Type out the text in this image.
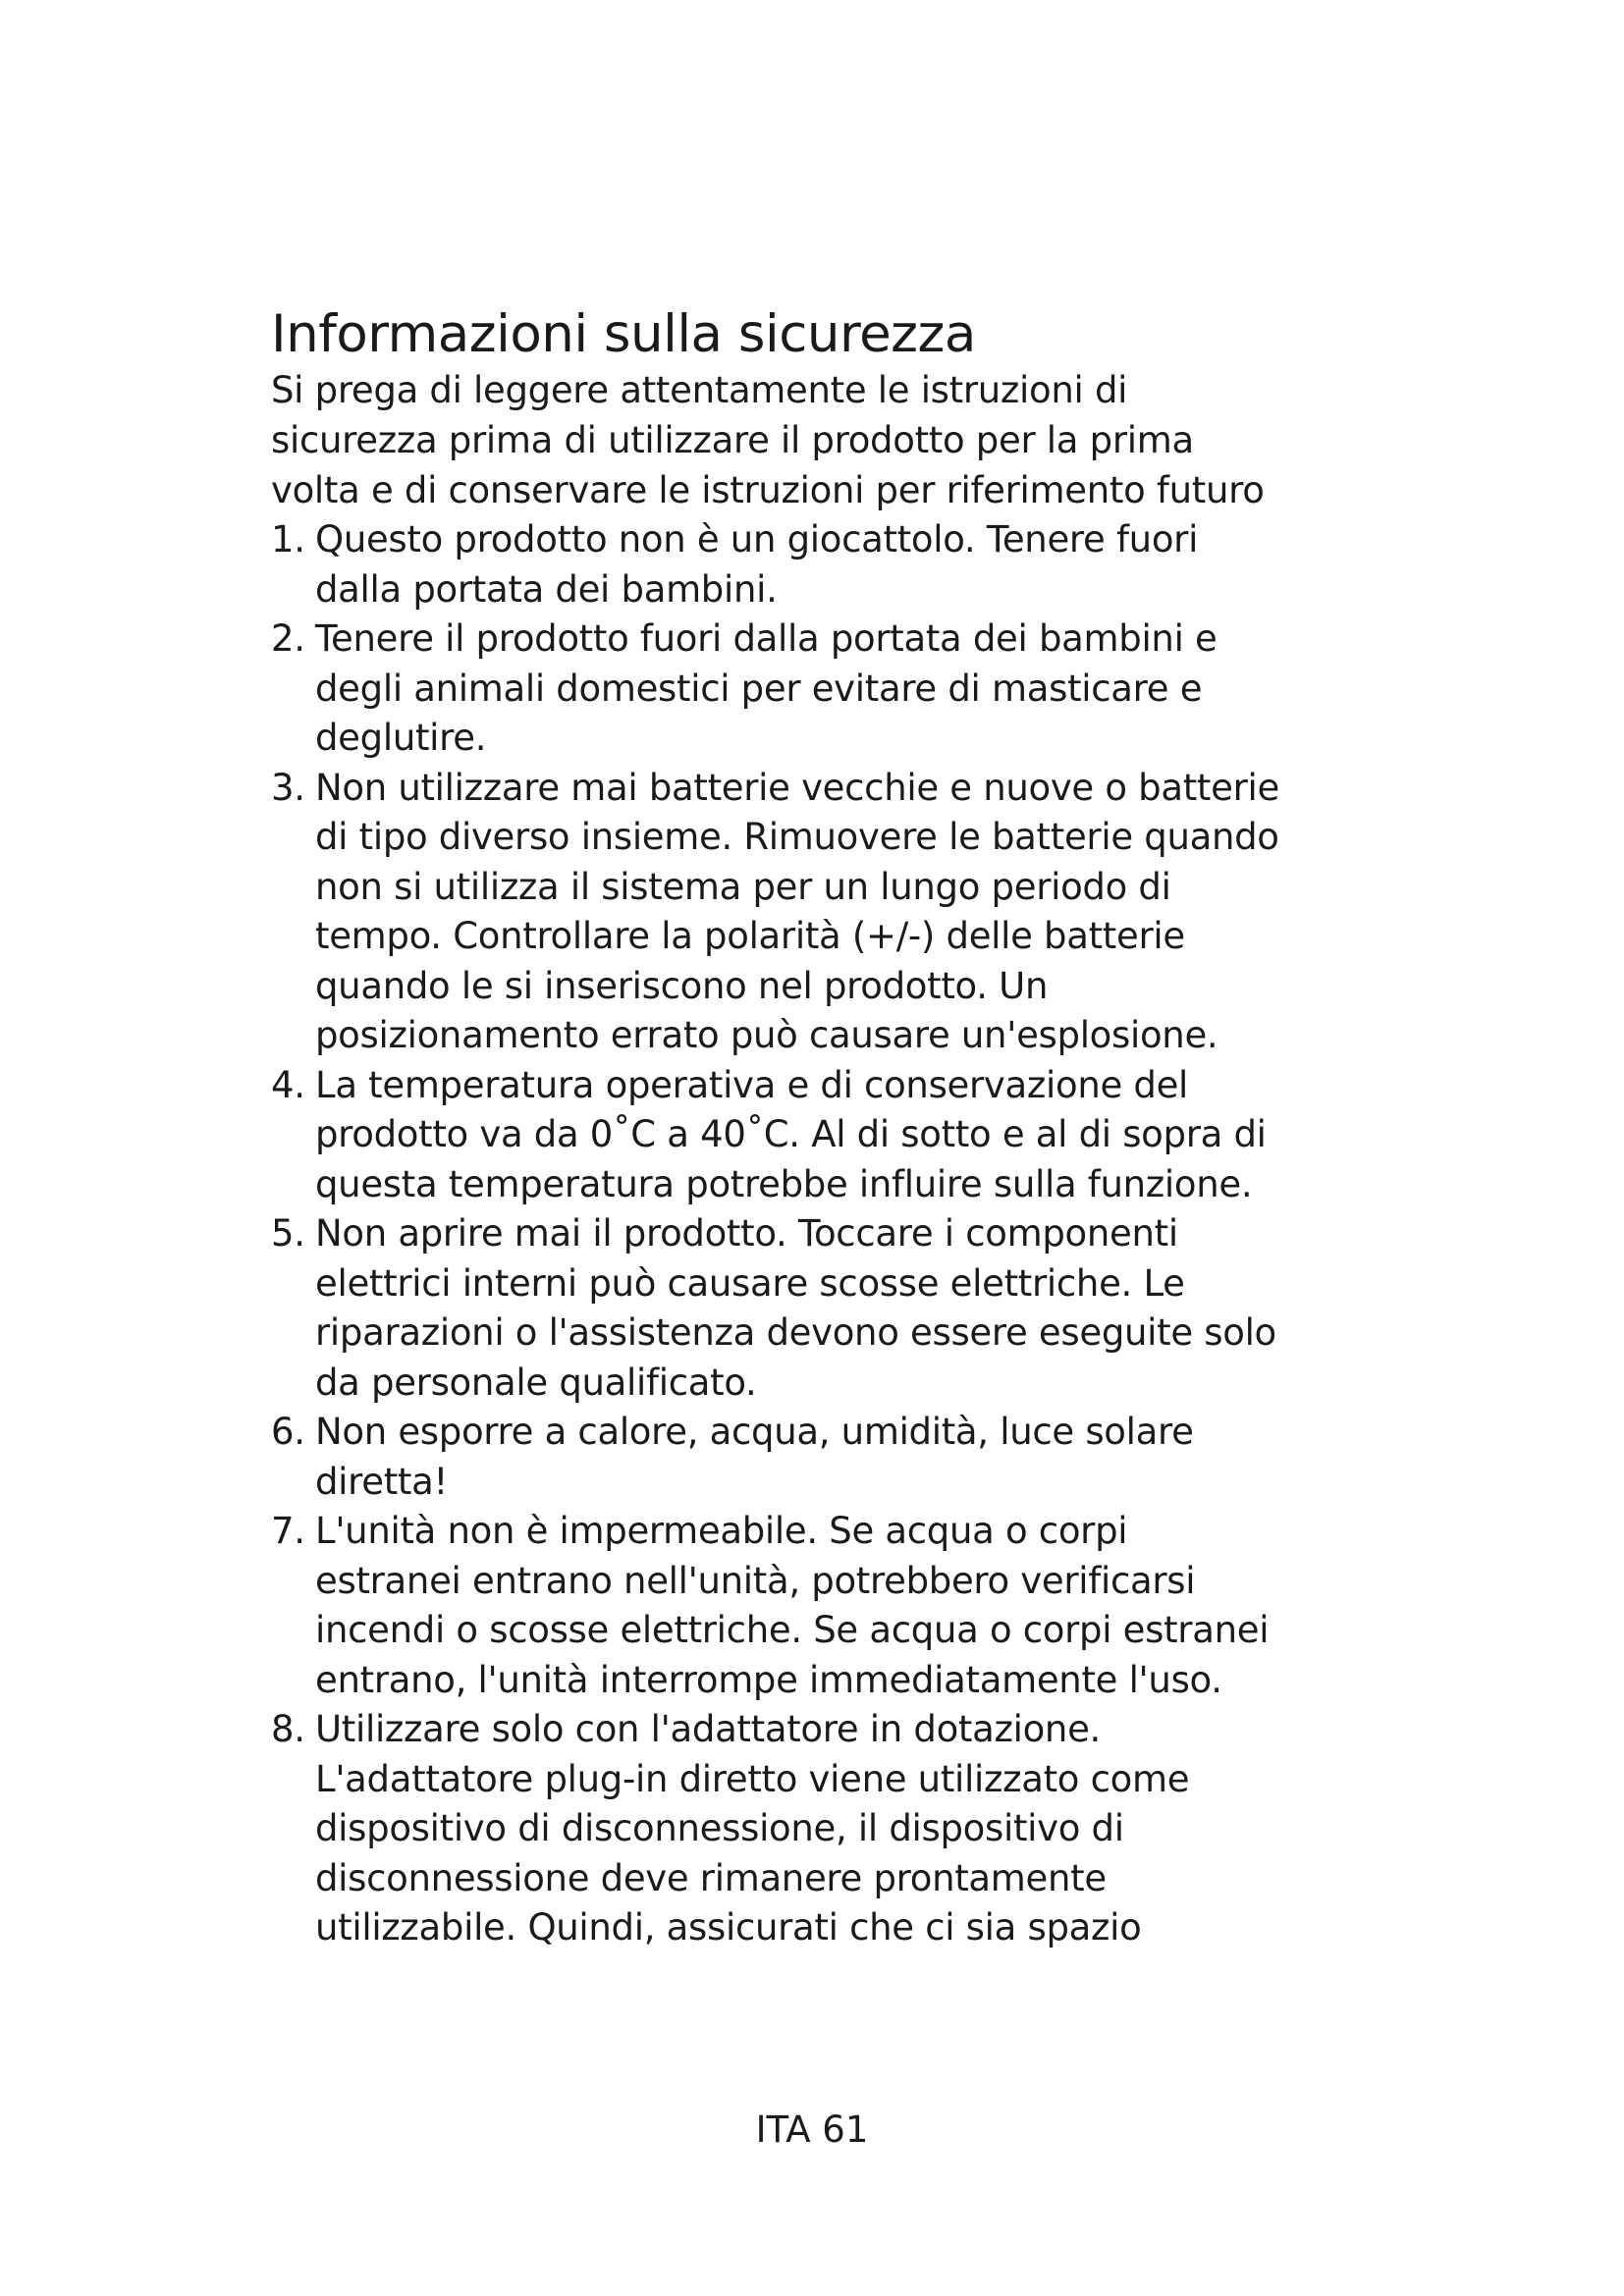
Informazioni sulla sicurezza

Si prega di leggere attentamente le istruzioni di
sicurezza prima di utilizzare il prodotto per la prima
volta e di conservare le istruzioni per riferimento futuro

1. Questo prodotto non è un giocattolo. Tenere fuori
dalla portata dei bambini.
2. Tenere il prodotto fuori dalla portata dei bambini e
degli animali domestici per evitare di masticare e
deglutire.
3. Non utilizzare mai batterie vecchie e nuove o batterie
di tipo diverso insieme. Rimuovere le batterie quando
non si utilizza il sistema per un lungo periodo di
tempo. Controllare la polarità (+/-) delle batterie
quando le si inseriscono nel prodotto. Un
posizionamento errato può causare un'esplosione.
4. La temperatura operativa e di conservazione del
prodotto va da 0˚C a 40˚C. Al di sotto e al di sopra di
questa temperatura potrebbe influire sulla funzione.
5. Non aprire mai il prodotto. Toccare i componenti
elettrici interni può causare scosse elettriche. Le
riparazioni o l'assistenza devono essere eseguite solo
da personale qualificato.
6. Non esporre a calore, acqua, umidità, luce solare
diretta!
7. L'unità non è impermeabile. Se acqua o corpi
estranei entrano nell'unità, potrebbero verificarsi
incendi o scosse elettriche. Se acqua o corpi estranei
entrano, l'unità interrompe immediatamente l'uso.
8. Utilizzare solo con l'adattatore in dotazione.
L'adattatore plug-in diretto viene utilizzato come
dispositivo di disconnessione, il dispositivo di
disconnessione deve rimanere prontamente
utilizzabile. Quindi, assicurati che ci sia spazio
ITA 61
